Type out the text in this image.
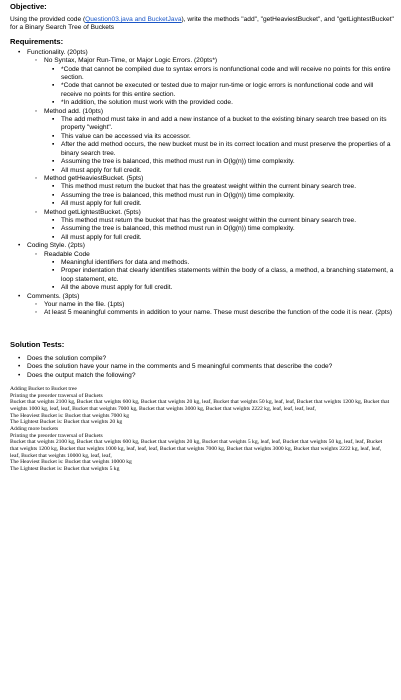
Objective:

Using the provided code (Question03.java and BucketJava), write the methods "add", "getHeaviestBucket", and "getLightestBucket" for a Binary Search Tree of Buckets

Requirements:

• Functionality. (20pts)
◦ No Syntax, Major Run-Time, or Major Logic Errors. (20pts*)
▪ *Code that cannot be compiled due to syntax errors is nonfunctional code and will receive no points for this entire section.
▪ *Code that cannot be executed or tested due to major run-time or logic errors is nonfunctional code and will receive no points for this entire section.
▪ *In addition, the solution must work with the provided code.
◦ Method add. (10pts)
▪ The add method must take in and add a new instance of a bucket to the existing binary search tree based on its property "weight".
▪ This value can be accessed via its accessor.
▪ After the add method occurs, the new bucket must be in its correct location and must preserve the properties of a binary search tree.
▪ Assuming the tree is balanced, this method must run in O(lg(n)) time complexity.
▪ All must apply for full credit.
◦ Method getHeaviestBucket. (5pts)
▪ This method must return the bucket that has the greatest weight within the current binary search tree.
▪ Assuming the tree is balanced, this method must run in O(lg(n)) time complexity.
▪ All must apply for full credit.
◦ Method getLightestBucket. (5pts)
▪ This method must return the bucket that has the greatest weight within the current binary search tree.
▪ Assuming the tree is balanced, this method must run in O(lg(n)) time complexity.
▪ All must apply for full credit.
• Coding Style. (2pts)
◦ Readable Code
▪ Meaningful identifiers for data and methods.
▪ Proper indentation that clearly identifies statements within the body of a class, a method, a branching statement, a loop statement, etc.
▪ All the above must apply for full credit.
• Comments. (3pts)
◦ Your name in the file. (1pts)
◦ At least 5 meaningful comments in addition to your name. These must describe the function of the code it is near. (2pts)

Solution Tests:

• Does the solution compile?
• Does the solution have your name in the comments and 5 meaningful comments that describe the code?
• Does the output match the following?

Adding Bucket to Bucket tree

Printing the preorder traversal of Buckets

Bucket that weights 2100 kg, Bucket that weights 600 kg, Bucket that weights 20 kg, leaf, Bucket that weights 50 kg, leaf, leaf, Bucket that weights 1200 kg, Bucket that weights 1000 kg, leaf, leaf, Bucket that weights 7000 kg, Bucket that weights 3000 kg, Bucket that weights 2222 kg, leaf, leaf, leaf, leaf,

The Heaviest Bucket is: Bucket that weights 7000 kg

The Lightest Bucket is: Bucket that weights 20 kg

Adding more buckets

Printing the preorder traversal of Buckets

Bucket that weights 2100 kg, Bucket that weights 600 kg, Bucket that weights 20 kg, Bucket that weights 5 kg, leaf, leaf, Bucket that weights 50 kg, leaf, leaf, Bucket that weights 1200 kg, Bucket that weights 1000 kg, leaf, leaf, leaf, Bucket that weights 7000 kg, Bucket that weights 3000 kg, Bucket that weights 2222 kg, leaf, leaf, leaf, Bucket that weights 10000 kg, leaf, leaf,

The Heaviest Bucket is: Bucket that weights 10000 kg

The Lightest Bucket is: Bucket that weights 5 kg
